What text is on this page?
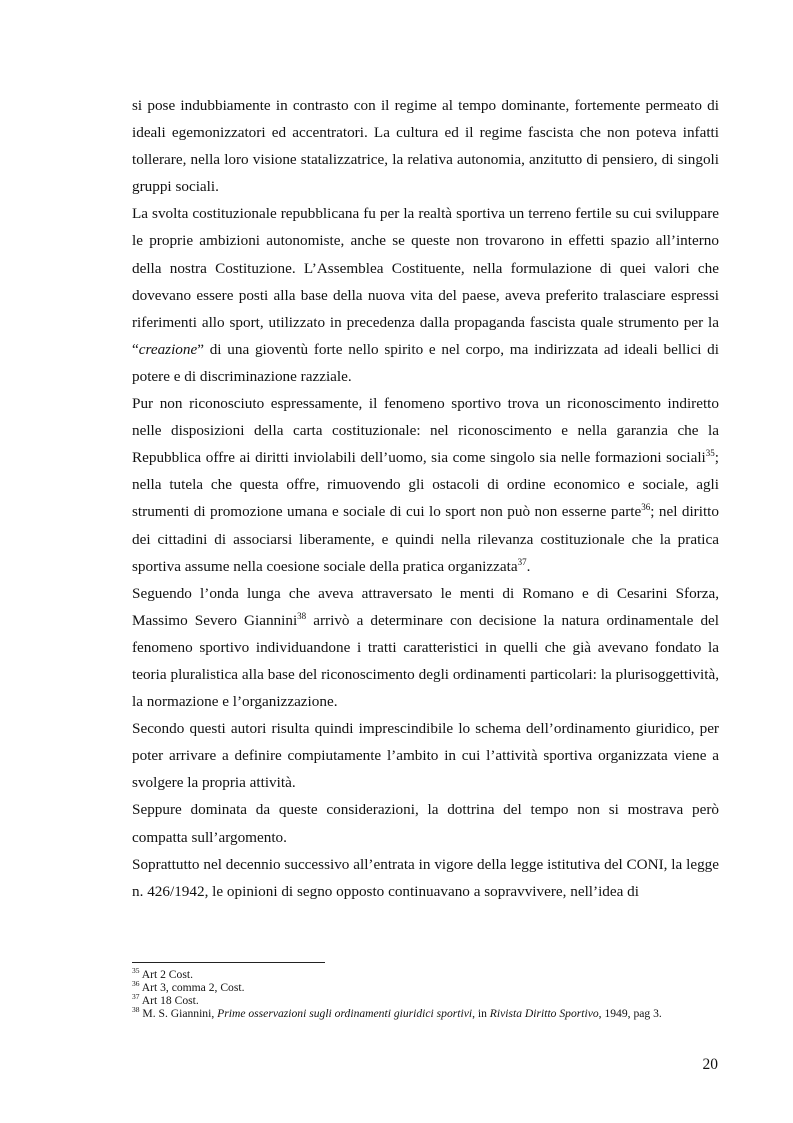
si pose indubbiamente in contrasto con il regime al tempo dominante, fortemente permeato di ideali egemonizzatori ed accentratori. La cultura ed il regime fascista che non poteva infatti tollerare, nella loro visione statalizzatrice, la relativa autonomia, anzitutto di pensiero, di singoli gruppi sociali.

La svolta costituzionale repubblicana fu per la realtà sportiva un terreno fertile su cui sviluppare le proprie ambizioni autonomiste, anche se queste non trovarono in effetti spazio all’interno della nostra Costituzione. L’Assemblea Costituente, nella formulazione di quei valori che dovevano essere posti alla base della nuova vita del paese, aveva preferito tralasciare espressi riferimenti allo sport, utilizzato in precedenza dalla propaganda fascista quale strumento per la “creazione” di una gioventù forte nello spirito e nel corpo, ma indirizzata ad ideali bellici di potere e di discriminazione razziale.

Pur non riconosciuto espressamente, il fenomeno sportivo trova un riconoscimento indiretto nelle disposizioni della carta costituzionale: nel riconoscimento e nella garanzia che la Repubblica offre ai diritti inviolabili dell’uomo, sia come singolo sia nelle formazioni sociali$^{35}$; nella tutela che questa offre, rimuovendo gli ostacoli di ordine economico e sociale, agli strumenti di promozione umana e sociale di cui lo sport non può non esserne parte$^{36}$; nel diritto dei cittadini di associarsi liberamente, e quindi nella rilevanza costituzionale che la pratica sportiva assume nella coesione sociale della pratica organizzata$^{37}$.

Seguendo l’onda lunga che aveva attraversato le menti di Romano e di Cesarini Sforza, Massimo Severo Giannini$^{38}$ arrivò a determinare con decisione la natura ordinamentale del fenomeno sportivo individuandone i tratti caratteristici in quelli che già avevano fondato la teoria pluralistica alla base del riconoscimento degli ordinamenti particolari: la plurisoggettività, la normazione e l’organizzazione.

Secondo questi autori risulta quindi imprescindibile lo schema dell’ordinamento giuridico, per poter arrivare a definire compiutamente l’ambito in cui l’attività sportiva organizzata viene a svolgere la propria attività.

Seppure dominata da queste considerazioni, la dottrina del tempo non si mostrava però compatta sull’argomento.

Soprattutto nel decennio successivo all’entrata in vigore della legge istitutiva del CONI, la legge n. 426/1942, le opinioni di segno opposto continuavano a sopravvivere, nell’idea di

$^{35}$ Art 2 Cost.

$^{36}$ Art 3, comma 2, Cost.

$^{37}$ Art 18 Cost.

$^{38}$ M. S. Giannini, Prime osservazioni sugli ordinamenti giuridici sportivi, in Rivista Diritto Sportivo, 1949, pag 3.

20
